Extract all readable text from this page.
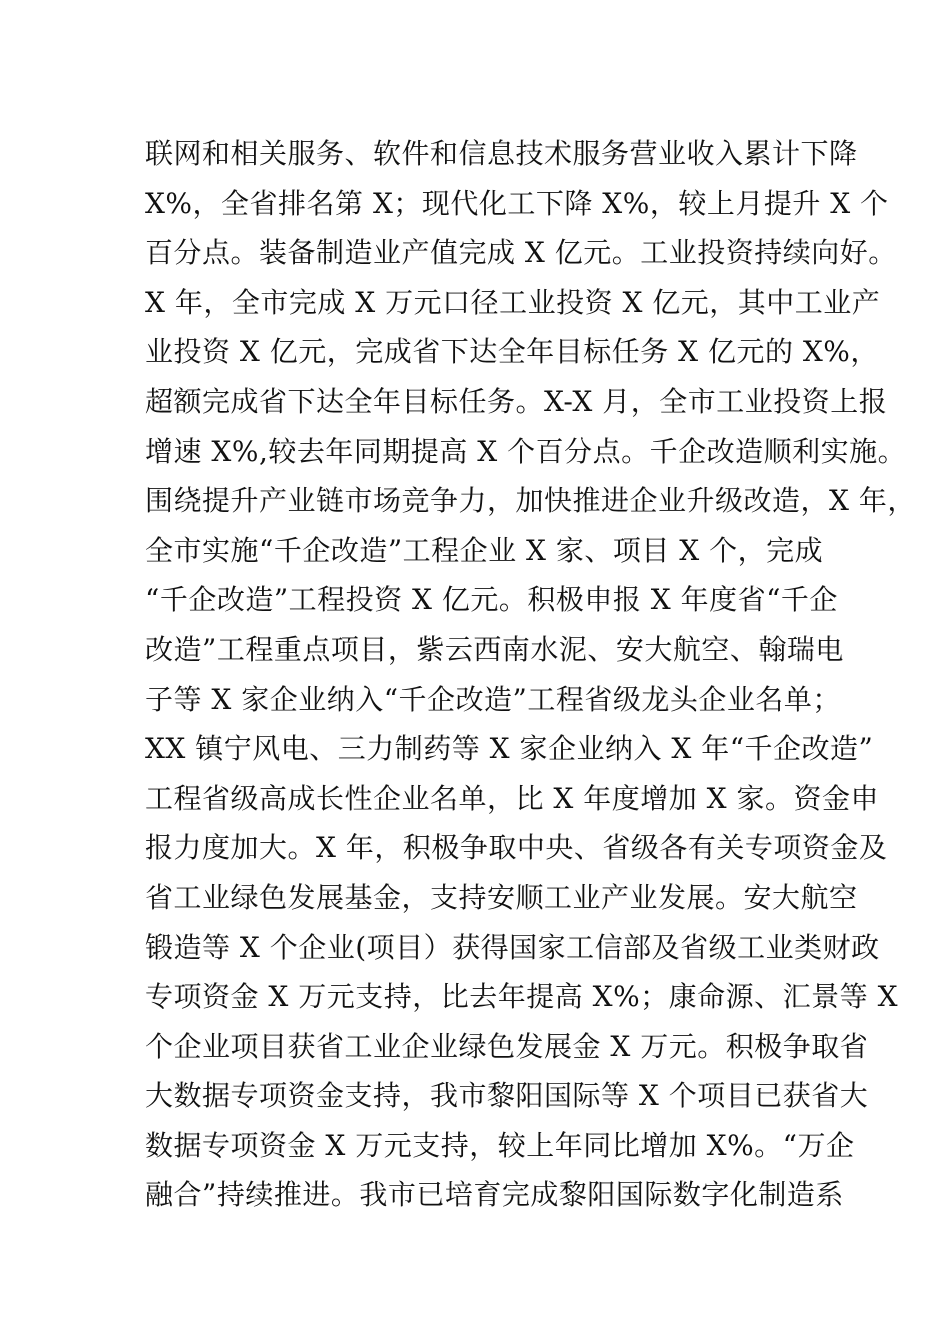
联网和相关服务、软件和信息技术服务营业收入累计下降
X%，全省排名第 X；现代化工下降 X%，较上月提升 X 个
百分点。装备制造业产值完成 X 亿元。工业投资持续向好。
X 年，全市完成 X 万元口径工业投资 X 亿元，其中工业产
业投资 X 亿元，完成省下达全年目标任务 X 亿元的 X%，
超额完成省下达全年目标任务。X-X 月，全市工业投资上报
增速 X%,较去年同期提高 X 个百分点。千企改造顺利实施。
围绕提升产业链市场竞争力，加快推进企业升级改造，X 年，
全市实施“千企改造”工程企业 X 家、项目 X 个，完成
“千企改造”工程投资 X 亿元。积极申报 X 年度省“千企
改造”工程重点项目，紫云西南水泥、安大航空、翰瑞电
子等 X 家企业纳入“千企改造”工程省级龙头企业名单；
XX 镇宁风电、三力制药等 X 家企业纳入 X 年“千企改造”
工程省级高成长性企业名单，比 X 年度增加 X 家。资金申
报力度加大。X 年，积极争取中央、省级各有关专项资金及
省工业绿色发展基金，支持安顺工业产业发展。安大航空
锻造等 X 个企业(项目）获得国家工信部及省级工业类财政
专项资金 X 万元支持，比去年提高 X%；康命源、汇景等 X
个企业项目获省工业企业绿色发展金 X 万元。积极争取省
大数据专项资金支持，我市黎阳国际等 X 个项目已获省大
数据专项资金 X 万元支持，较上年同比增加 X%。“万企
融合”持续推进。我市已培育完成黎阳国际数字化制造系
